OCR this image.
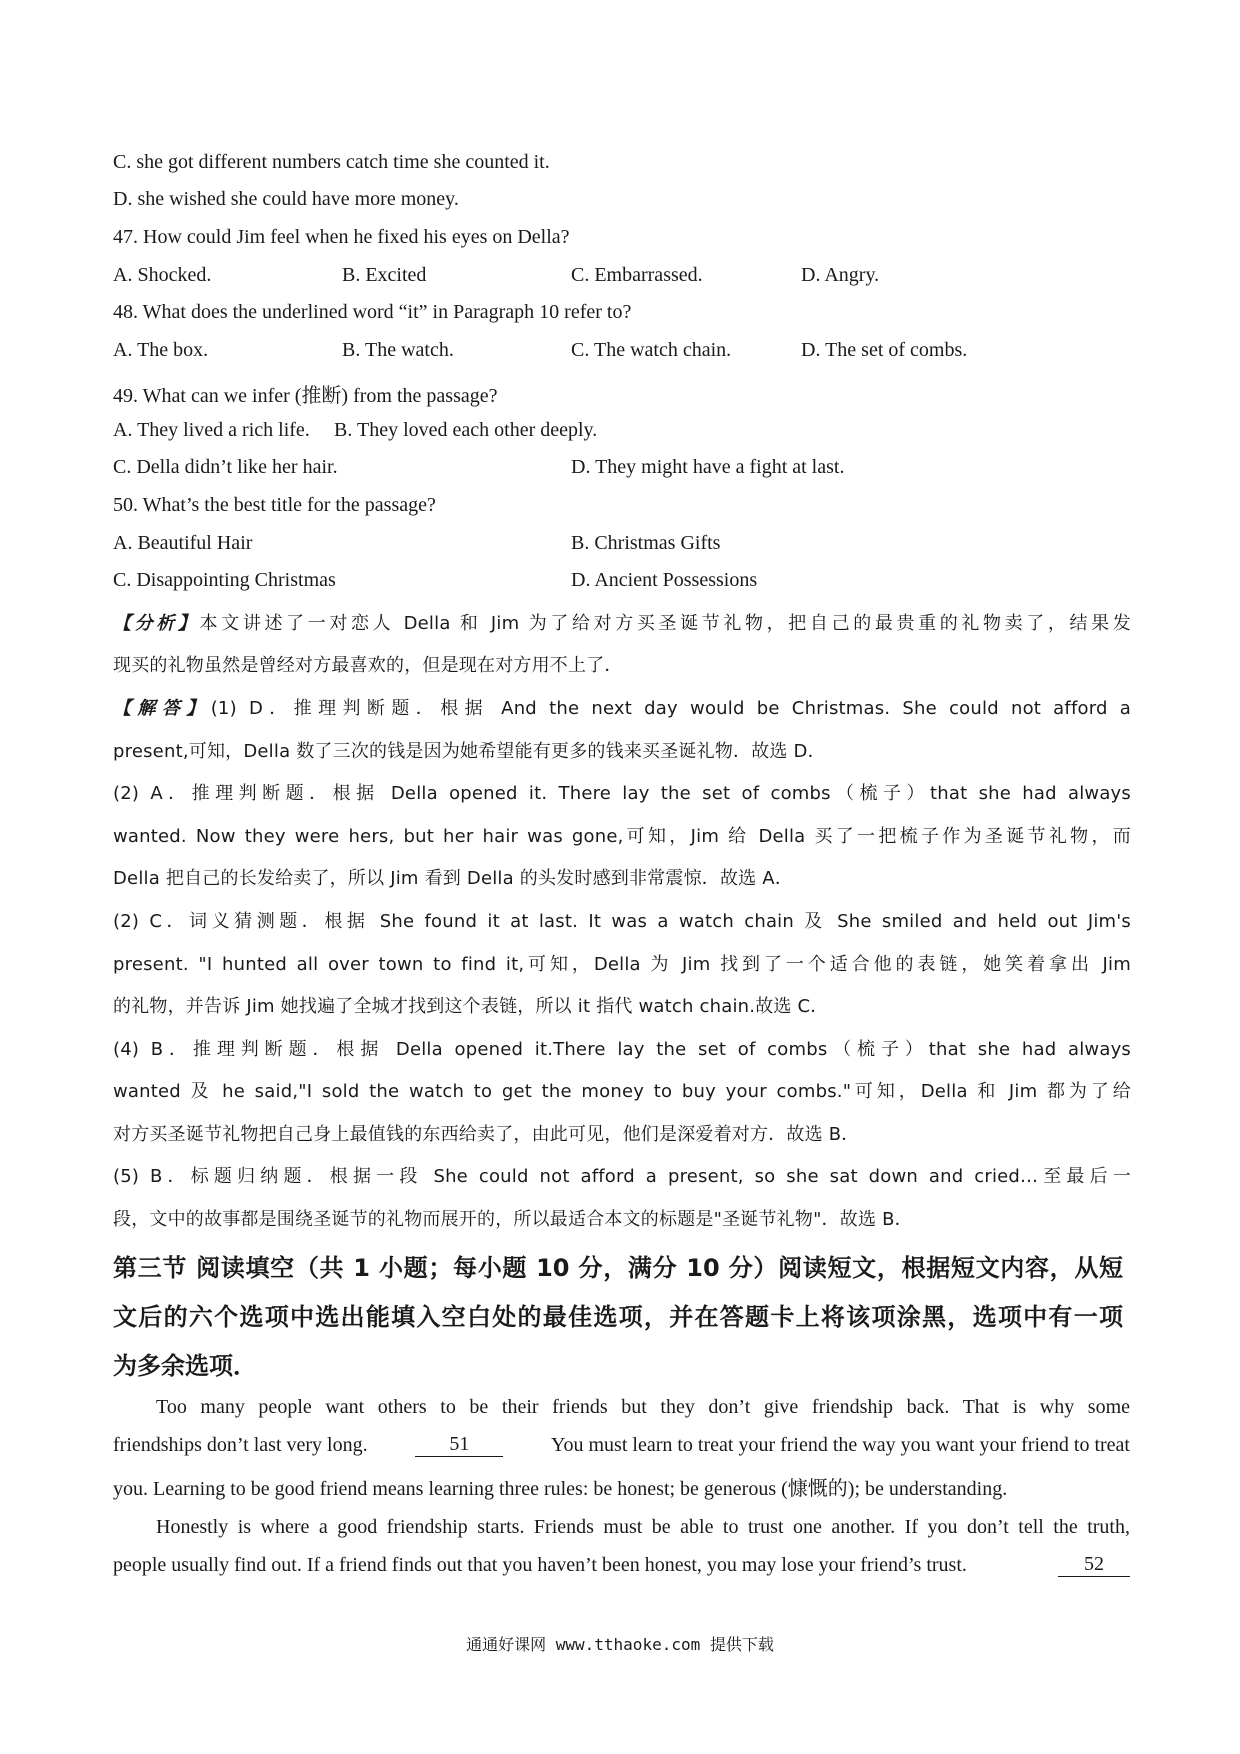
C. she got different numbers catch time she counted it.
D. she wished she could have more money.
47. How could Jim feel when he fixed his eyes on Della?
A. Shocked.	B. Excited	C. Embarrassed.	D. Angry.
48. What does the underlined word “it” in Paragraph 10 refer to?
A. The box.	B. The watch.	C. The watch chain.	D. The set of combs.
49. What can we infer (推断) from the passage?
A. They lived a rich life. B. They loved each other deeply.
C. Della didn’t like her hair.	D. They might have a fight at last.
50. What’s the best title for the passage?
A. Beautiful Hair	B. Christmas Gifts
C. Disappointing Christmas	D. Ancient Possessions
【分析】本文讲述了一对恋人 Della 和 Jim 为了给对方买圣诞节礼物，把自己的最贵重的礼物卖了，结果发
现买的礼物虽然是曾经对方最喜欢的，但是现在对方用不上了．
【解答】(1) D．推理判断题．根据 And the next day would be Christmas. She could not afford a
present,可知，Della 数了三次的钱是因为她希望能有更多的钱来买圣诞礼物．故选 D．
(2) A．推理判断题．根据 Della opened it. There lay the set of combs（梳子）that she had always
wanted. Now they were hers, but her hair was gone,可知，Jim 给 Della 买了一把梳子作为圣诞节礼物，而
Della 把自己的长发给卖了，所以 Jim 看到 Della 的头发时感到非常震惊．故选 A．
(2) C．词义猜测题．根据 She found it at last. It was a watch chain 及 She smiled and held out Jim's
present. "I hunted all over town to find it,可知，Della 为 Jim 找到了一个适合他的表链，她笑着拿出 Jim
的礼物，并告诉 Jim 她找遍了全城才找到这个表链，所以 it 指代 watch chain.故选 C．
(4) B．推理判断题．根据 Della opened it.There lay the set of combs（梳子）that she had always
wanted 及 he said,"I sold the watch to get the money to buy your combs."可知，Della 和 Jim 都为了给
对方买圣诞节礼物把自己身上最值钱的东西给卖了，由此可见，他们是深爱着对方．故选 B．
(5) B．标题归纳题．根据一段 She could not afford a present, so she sat down and cried…至最后一
段，文中的故事都是围绕圣诞节的礼物而展开的，所以最适合本文的标题是"圣诞节礼物"．故选 B．
第三节 阅读填空（共 1 小题；每小题 10 分，满分 10 分）阅读短文，根据短文内容，从短
文后的六个选项中选出能填入空白处的最佳选项，并在答题卡上将该项涂黑，选项中有一项
为多余选项．
Too many people want others to be their friends but they don’t give friendship back. That is why some
friendships don’t last very long.	51	You must learn to treat your friend the way you want your friend to treat
you. Learning to be good friend means learning three rules: be honest; be generous (慷慨的); be understanding.
Honestly is where a good friendship starts. Friends must be able to trust one another. If you don’t tell the truth,
people usually find out. If a friend finds out that you haven’t been honest, you may lose your friend’s trust.	52
通通好课网 www.tthaoke.com 提供下载
